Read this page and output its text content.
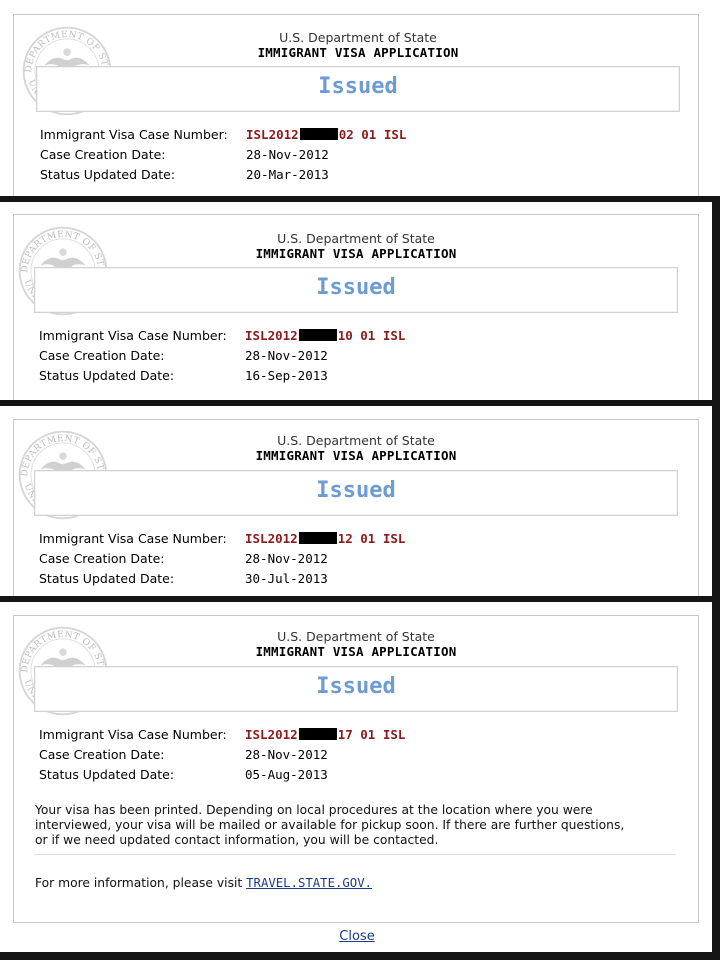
U.S. Department of State
IMMIGRANT VISA APPLICATION
Issued
Immigrant Visa Case Number: ISL2012	02 01 ISL
Case Creation Date:	28-Nov-2012
Status Updated Date:	20-Mar-2013
U.S. Department of State
IMMIGRANT VISA APPLICATION
Issued
Immigrant Visa Case Number: ISL2012	10 01 ISL
Case Creation Date:	28-Nov-2012
Status Updated Date:	16-Sep-2013
U.S. Department of State
IMMIGRANT VISA APPLICATION
Issued
Immigrant Visa Case Number: ISL2012	12 01 ISL
Case Creation Date:	28-Nov-2012
Status Updated Date:	30-Jul-2013
U.S. Department of State
IMMIGRANT VISA APPLICATION
Issued
Immigrant Visa Case Number: ISL2012	17 01 ISL
Case Creation Date:	28-Nov-2012
Status Updated Date:	05-Aug-2013
Your visa has been printed. Depending on local procedures at the location where you were
interviewed, your visa will be mailed or available for pickup soon. If there are further questions,
or if we need updated contact information, you will be contacted.
For more information, please visit TRAVEL.STATE.GOV.
Close
